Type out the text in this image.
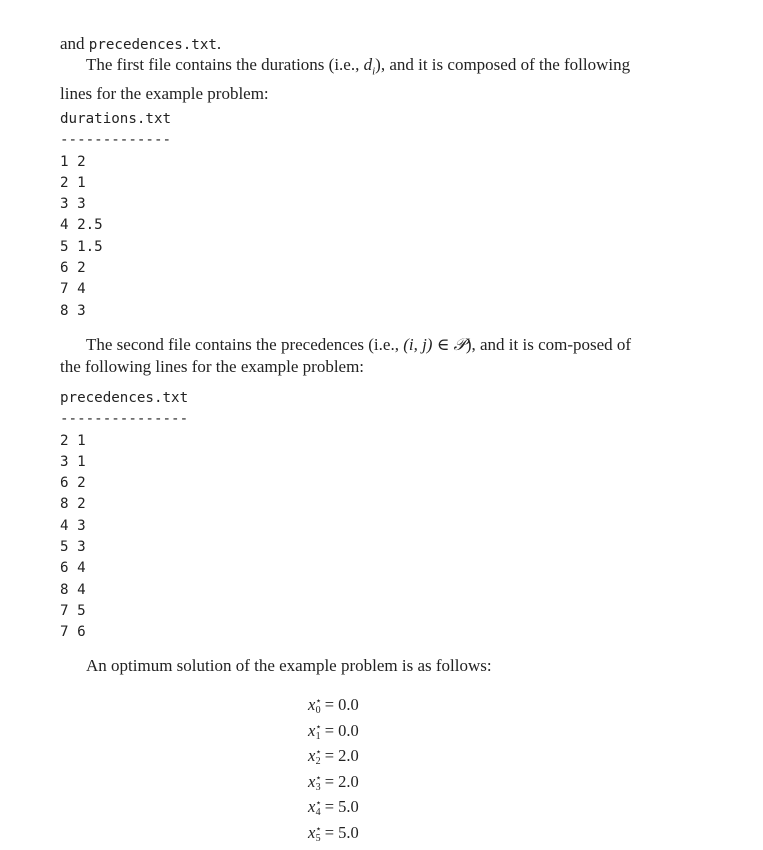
and precedences.txt.

The first file contains the durations (i.e., $d_i$), and it is composed of the following lines for the example problem:

durations.txt

-------------

1 2

2 1

3 3

4 2.5

5 1.5

6 2

7 4

8 3

The second file contains the precedences (i.e., (i, j) ∈ 𝒫), and it is com-posed of the following lines for the example problem:

precedences.txt

---------------

2 1

3 1

6 2

8 2

4 3

5 3

6 4

8 4

7 5

7 6

An optimum solution of the example problem is as follows:

$x^⋆_0 = 0.0$
$x^⋆_1 = 0.0$
$x^⋆_2 = 2.0$
$x^⋆_3 = 2.0$
$x^⋆_4 = 5.0$
$x^⋆_5 = 5.0$
